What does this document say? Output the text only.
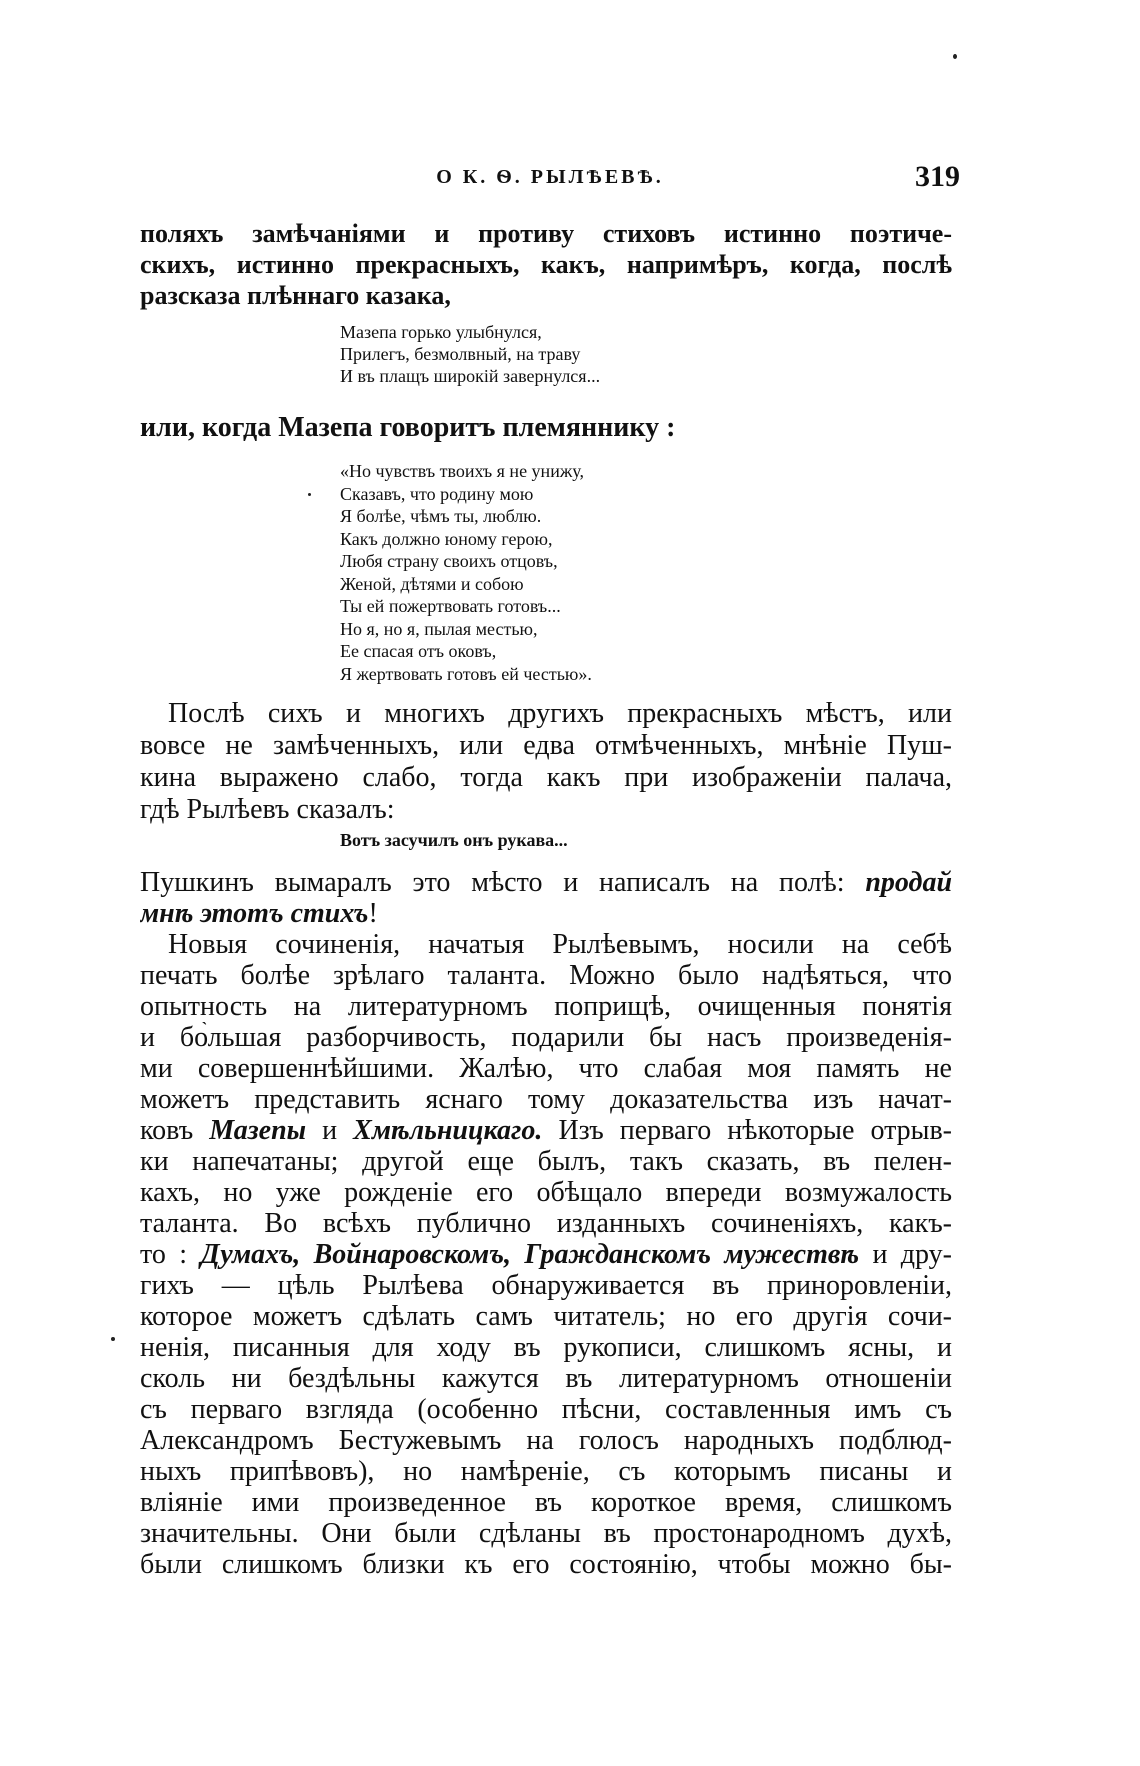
О К. Ѳ. РЫЛѢЕВѢ.	319
поляхъ замѣчаніями и противу стиховъ истинно поэтиче-
скихъ, истинно прекрасныхъ, какъ, напримѣръ, когда, послѣ
разсказа плѣннаго казака,
Мазепа горько улыбнулся,
Прилегъ, безмолвный, на траву
И въ плащъ широкій завернулся...
или, когда Мазепа говоритъ племяннику :
«Но чувствъ твоихъ я не унижу,
Сказавъ, что родину мою
Я болѣе, чѣмъ ты, люблю.
Какъ должно юному герою,
Любя страну своихъ отцовъ,
Женой, дѣтями и собою
Ты ей пожертвовать готовъ...
Но я, но я, пылая местью,
Ее спасая отъ оковъ,
Я жертвовать готовъ ей честью».
Послѣ сихъ и многихъ другихъ прекрасныхъ мѣстъ, или
вовсе не замѣченныхъ, или едва отмѣченныхъ, мнѣніе Пуш-
кина выражено слабо, тогда какъ при изображеніи палача,
гдѣ Рылѣевъ сказалъ:
Вотъ засучилъ онъ рукава...
Пушкинъ вымаралъ это мѣсто и написалъ на полѣ: продай
мнѣ этотъ стихъ!
Новыя сочиненія, начатыя Рылѣевымъ, носили на себѣ
печать болѣе зрѣлаго таланта. Можно было надѣяться, что
опытность на литературномъ поприщѣ, очищенныя понятія
и бо̀льшая разборчивость, подарили бы насъ произведенія-
ми совершеннѣйшими. Жалѣю, что слабая моя память не
можетъ представить яснаго тому доказательства изъ начат-
ковъ Мазепы и Хмѣльницкаго. Изъ перваго нѣкоторые отрыв-
ки напечатаны; другой еще былъ, такъ сказать, въ пелен-
кахъ, но уже рожденіе его обѣщало впереди возмужалость
таланта. Во всѣхъ публично изданныхъ сочиненіяхъ, какъ-
то : Думахъ, Войнаровскомъ, Гражданскомъ мужествѣ и дру-
гихъ — цѣль Рылѣева обнаруживается въ приноровленіи,
которое можетъ сдѣлать самъ читатель; но его другія сочи-
ненія, писанныя для ходу въ рукописи, слишкомъ ясны, и
сколь ни бездѣльны кажутся въ литературномъ отношеніи
съ перваго взгляда (особенно пѣсни, составленныя имъ съ
Александромъ Бестужевымъ на голосъ народныхъ подблюд-
ныхъ припѣвовъ), но намѣреніе, съ которымъ писаны и
вліяніе ими произведенное въ короткое время, слишкомъ
значительны. Они были сдѣланы въ простонародномъ духѣ,
были слишкомъ близки къ его состоянію, чтобы можно бы-
